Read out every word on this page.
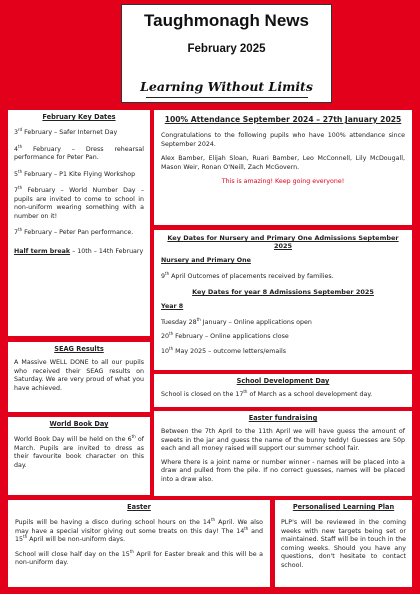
Taughmonagh News
February 2025
Learning Without Limits
February Key Dates
3rd February – Safer Internet Day
4th February – Dress rehearsal performance for Peter Pan.
5th February – P1 Kite Flying Workshop
7th February – World Number Day – pupils are invited to come to school in non-uniform wearing something with a number on it!
7th February – Peter Pan performance.
Half term break – 10th – 14th February
100% Attendance September 2024 – 27th January 2025
Congratulations to the following pupils who have 100% attendance since September 2024.
Alex Bamber, Elijah Sloan, Ruari Bamber, Leo McConnell, Lily McDougall, Mason Weir, Ronan O'Neill, Zach McGovern.
This is amazing! Keep going everyone!
Key Dates for Nursery and Primary One Admissions September 2025
Nursery and Primary One
9th April Outcomes of placements received by families.
Key Dates for year 8 Admissions September 2025
Year 8
Tuesday 28th January – Online applications open
20th February – Online applications close
10th May 2025 – outcome letters/emails
SEAG Results
A Massive WELL DONE to all our pupils who received their SEAG results on Saturday. We are very proud of what you have achieved.
School Development Day
School is closed on the 17th of March as a school development day.
World Book Day
World Book Day will be held on the 6th of March. Pupils are invited to dress as their favourite book character on this day.
Easter fundraising
Between the 7th April to the 11th April we will have guess the amount of sweets in the jar and guess the name of the bunny teddy! Guesses are 50p each and all money raised will support our summer school fair.
Where there is a joint name or number winner - names will be placed into a draw and pulled from the pile. If no correct guesses, names will be placed into a draw also.
Easter
Pupils will be having a disco during school hours on the 14th April. We also may have a special visitor giving out some treats on this day! The 14th and 15th April will be non-uniform days.
School will close half day on the 15th April for Easter break and this will be a non-uniform day.
Personalised Learning Plan
PLP's will be reviewed in the coming weeks with new targets being set or maintained. Staff will be in touch in the coming weeks. Should you have any questions, don't hesitate to contact school.
